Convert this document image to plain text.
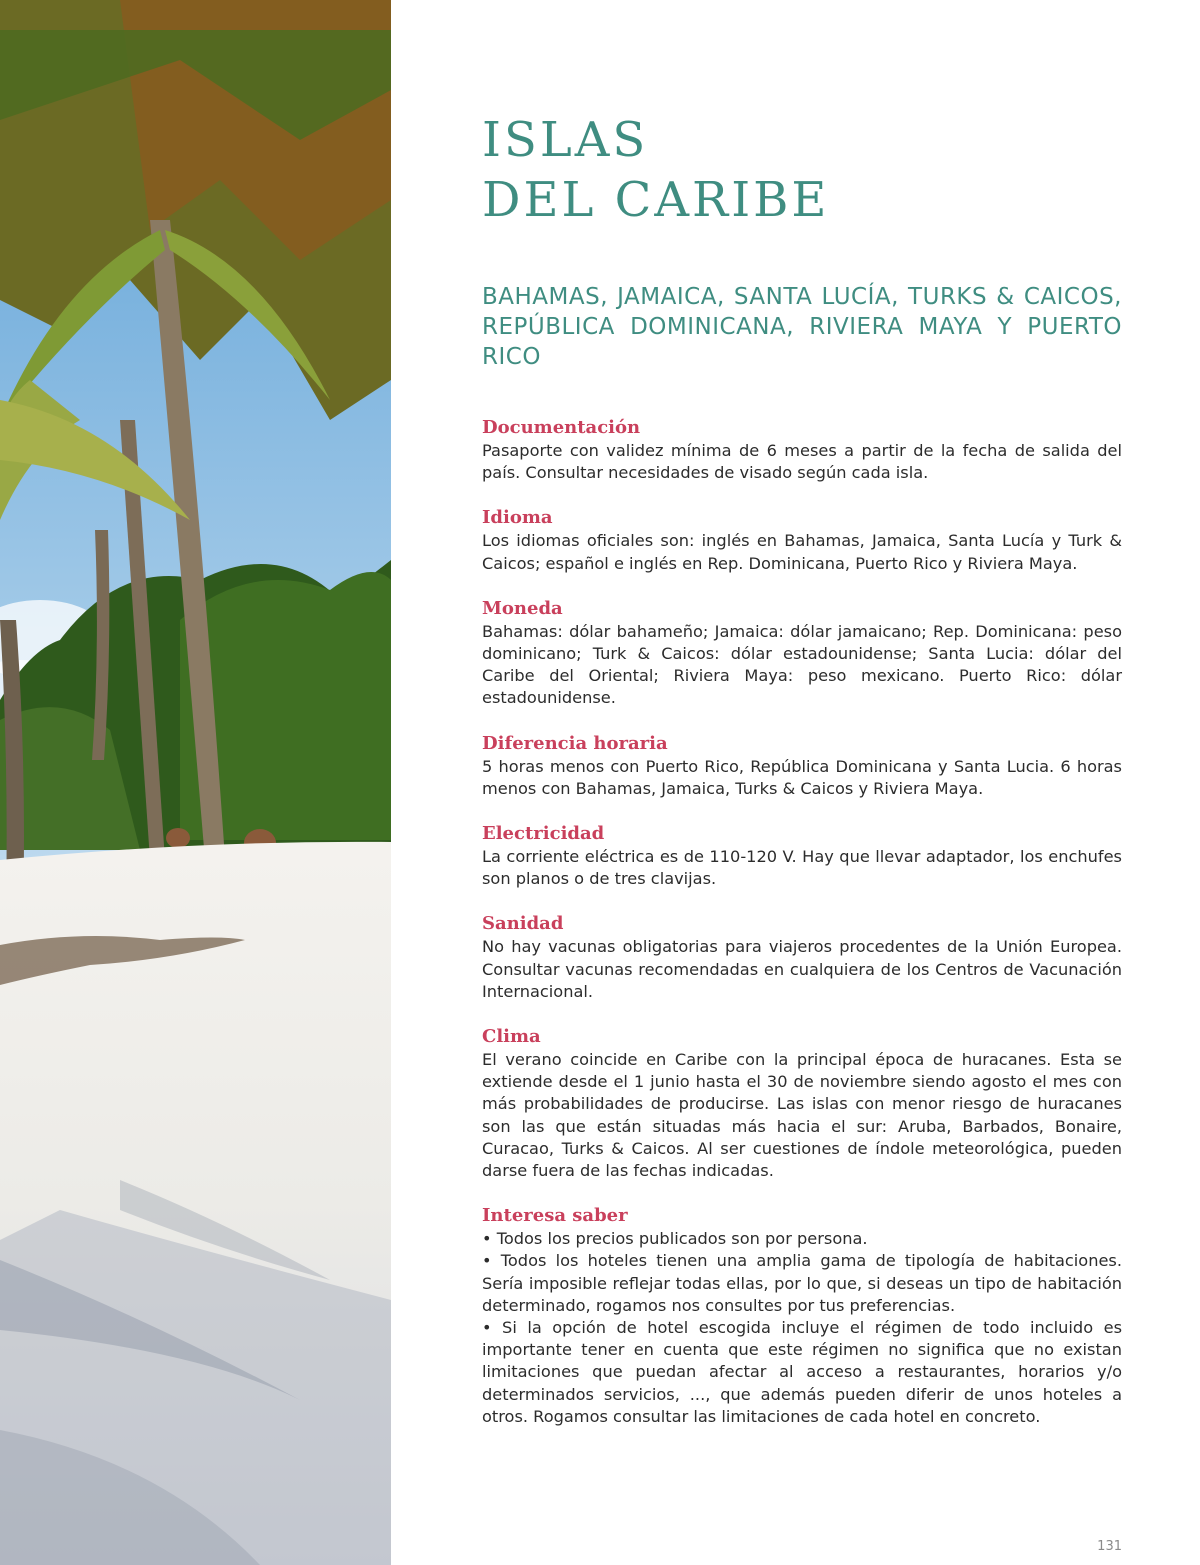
ISLAS
DEL CARIBE
BAHAMAS, JAMAICA, SANTA LUCÍA, TURKS & CAICOS, REPÚBLICA DOMINICANA, RIVIERA MAYA Y PUERTO RICO
Documentación

Pasaporte con validez mínima de 6 meses a partir de la fecha de salida del país. Consultar necesidades de visado según cada isla.

Idioma

Los idiomas oficiales son: inglés en Bahamas, Jamaica, Santa Lucía y Turk & Caicos; español e inglés en Rep. Dominicana, Puerto Rico y Riviera Maya.

Moneda

Bahamas: dólar bahameño; Jamaica: dólar jamaicano; Rep. Dominicana: peso dominicano; Turk & Caicos: dólar estadounidense; Santa Lucia: dólar del Caribe del Oriental; Riviera Maya: peso mexicano. Puerto Rico: dólar estadounidense.

Diferencia horaria

5 horas menos con Puerto Rico, República Dominicana y Santa Lucia. 6 horas menos con Bahamas, Jamaica, Turks & Caicos y Riviera Maya.

Electricidad

La corriente eléctrica es de 110-120 V. Hay que llevar adaptador, los enchufes son planos o de tres clavijas.

Sanidad

No hay vacunas obligatorias para viajeros procedentes de la Unión Europea. Consultar vacunas recomendadas en cualquiera de los Centros de Vacunación Internacional.

Clima

El verano coincide en Caribe con la principal época de huracanes. Esta se extiende desde el 1 junio hasta el 30 de noviembre siendo agosto el mes con más probabilidades de producirse. Las islas con menor riesgo de huracanes son las que están situadas más hacia el sur: Aruba, Barbados, Bonaire, Curacao, Turks & Caicos. Al ser cuestiones de índole meteorológica, pueden darse fuera de las fechas indicadas.

Interesa saber

• Todos los precios publicados son por persona.

• Todos los hoteles tienen una amplia gama de tipología de habitaciones. Sería imposible reflejar todas ellas, por lo que, si deseas un tipo de habitación determinado, rogamos nos consultes por tus preferencias.

• Si la opción de hotel escogida incluye el régimen de todo incluido es importante tener en cuenta que este régimen no significa que no existan limitaciones que puedan afectar al acceso a restaurantes, horarios y/o determinados servicios, ..., que además pueden diferir de unos hoteles a otros. Rogamos consultar las limitaciones de cada hotel en concreto.

131
